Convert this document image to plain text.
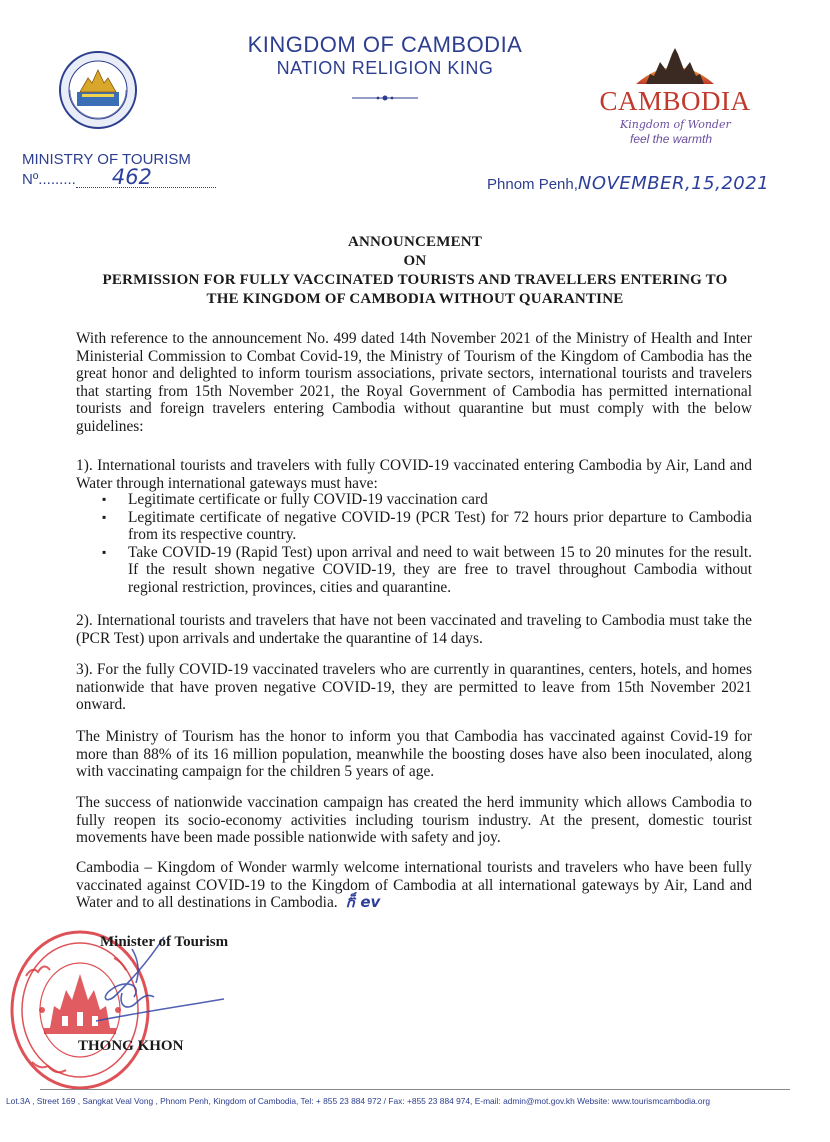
KINGDOM OF CAMBODIA
NATION RELIGION KING
CAMBODIA
Kingdom of Wonder
feel the warmth
MINISTRY OF TOURISM
Nº......... 462	Phnom Penh,NOVEMBER,15,2021
ANNOUNCEMENT
ON
PERMISSION FOR FULLY VACCINATED TOURISTS AND TRAVELLERS ENTERING TO
THE KINGDOM OF CAMBODIA WITHOUT QUARANTINE
With reference to the announcement No. 499 dated 14th November 2021 of the Ministry of Health and Inter Ministerial Commission to Combat Covid-19, the Ministry of Tourism of the Kingdom of Cambodia has the great honor and delighted to inform tourism associations, private sectors, international tourists and travelers that starting from 15th November 2021, the Royal Government of Cambodia has permitted international tourists and foreign travelers entering Cambodia without quarantine but must comply with the below guidelines:
1). International tourists and travelers with fully COVID-19 vaccinated entering Cambodia by Air, Land and Water through international gateways must have:
▪ Legitimate certificate or fully COVID-19 vaccination card
▪ Legitimate certificate of negative COVID-19 (PCR Test) for 72 hours prior departure to Cambodia from its respective country.
▪ Take COVID-19 (Rapid Test) upon arrival and need to wait between 15 to 20 minutes for the result. If the result shown negative COVID-19, they are free to travel throughout Cambodia without regional restriction, provinces, cities and quarantine.
2). International tourists and travelers that have not been vaccinated and traveling to Cambodia must take the (PCR Test) upon arrivals and undertake the quarantine of 14 days.
3). For the fully COVID-19 vaccinated travelers who are currently in quarantines, centers, hotels, and homes nationwide that have proven negative COVID-19, they are permitted to leave from 15th November 2021 onward.
The Ministry of Tourism has the honor to inform you that Cambodia has vaccinated against Covid-19 for more than 88% of its 16 million population, meanwhile the boosting doses have also been inoculated, along with vaccinating campaign for the children 5 years of age.
The success of nationwide vaccination campaign has created the herd immunity which allows Cambodia to fully reopen its socio-economy activities including tourism industry. At the present, domestic tourist movements have been made possible nationwide with safety and joy.
Cambodia – Kingdom of Wonder warmly welcome international tourists and travelers who have been fully vaccinated against COVID-19 to the Kingdom of Cambodia at all international gateways by Air, Land and Water and to all destinations in Cambodia. ក៏ ev
Minister of Tourism
THONG KHON
Lot.3A , Street 169 , Sangkat Veal Vong , Phnom Penh, Kingdom of Cambodia, Tel: + 855 23 884 972 / Fax: +855 23 884 974, E-mail: admin@mot.gov.kh Website: www.tourismcambodia.org
